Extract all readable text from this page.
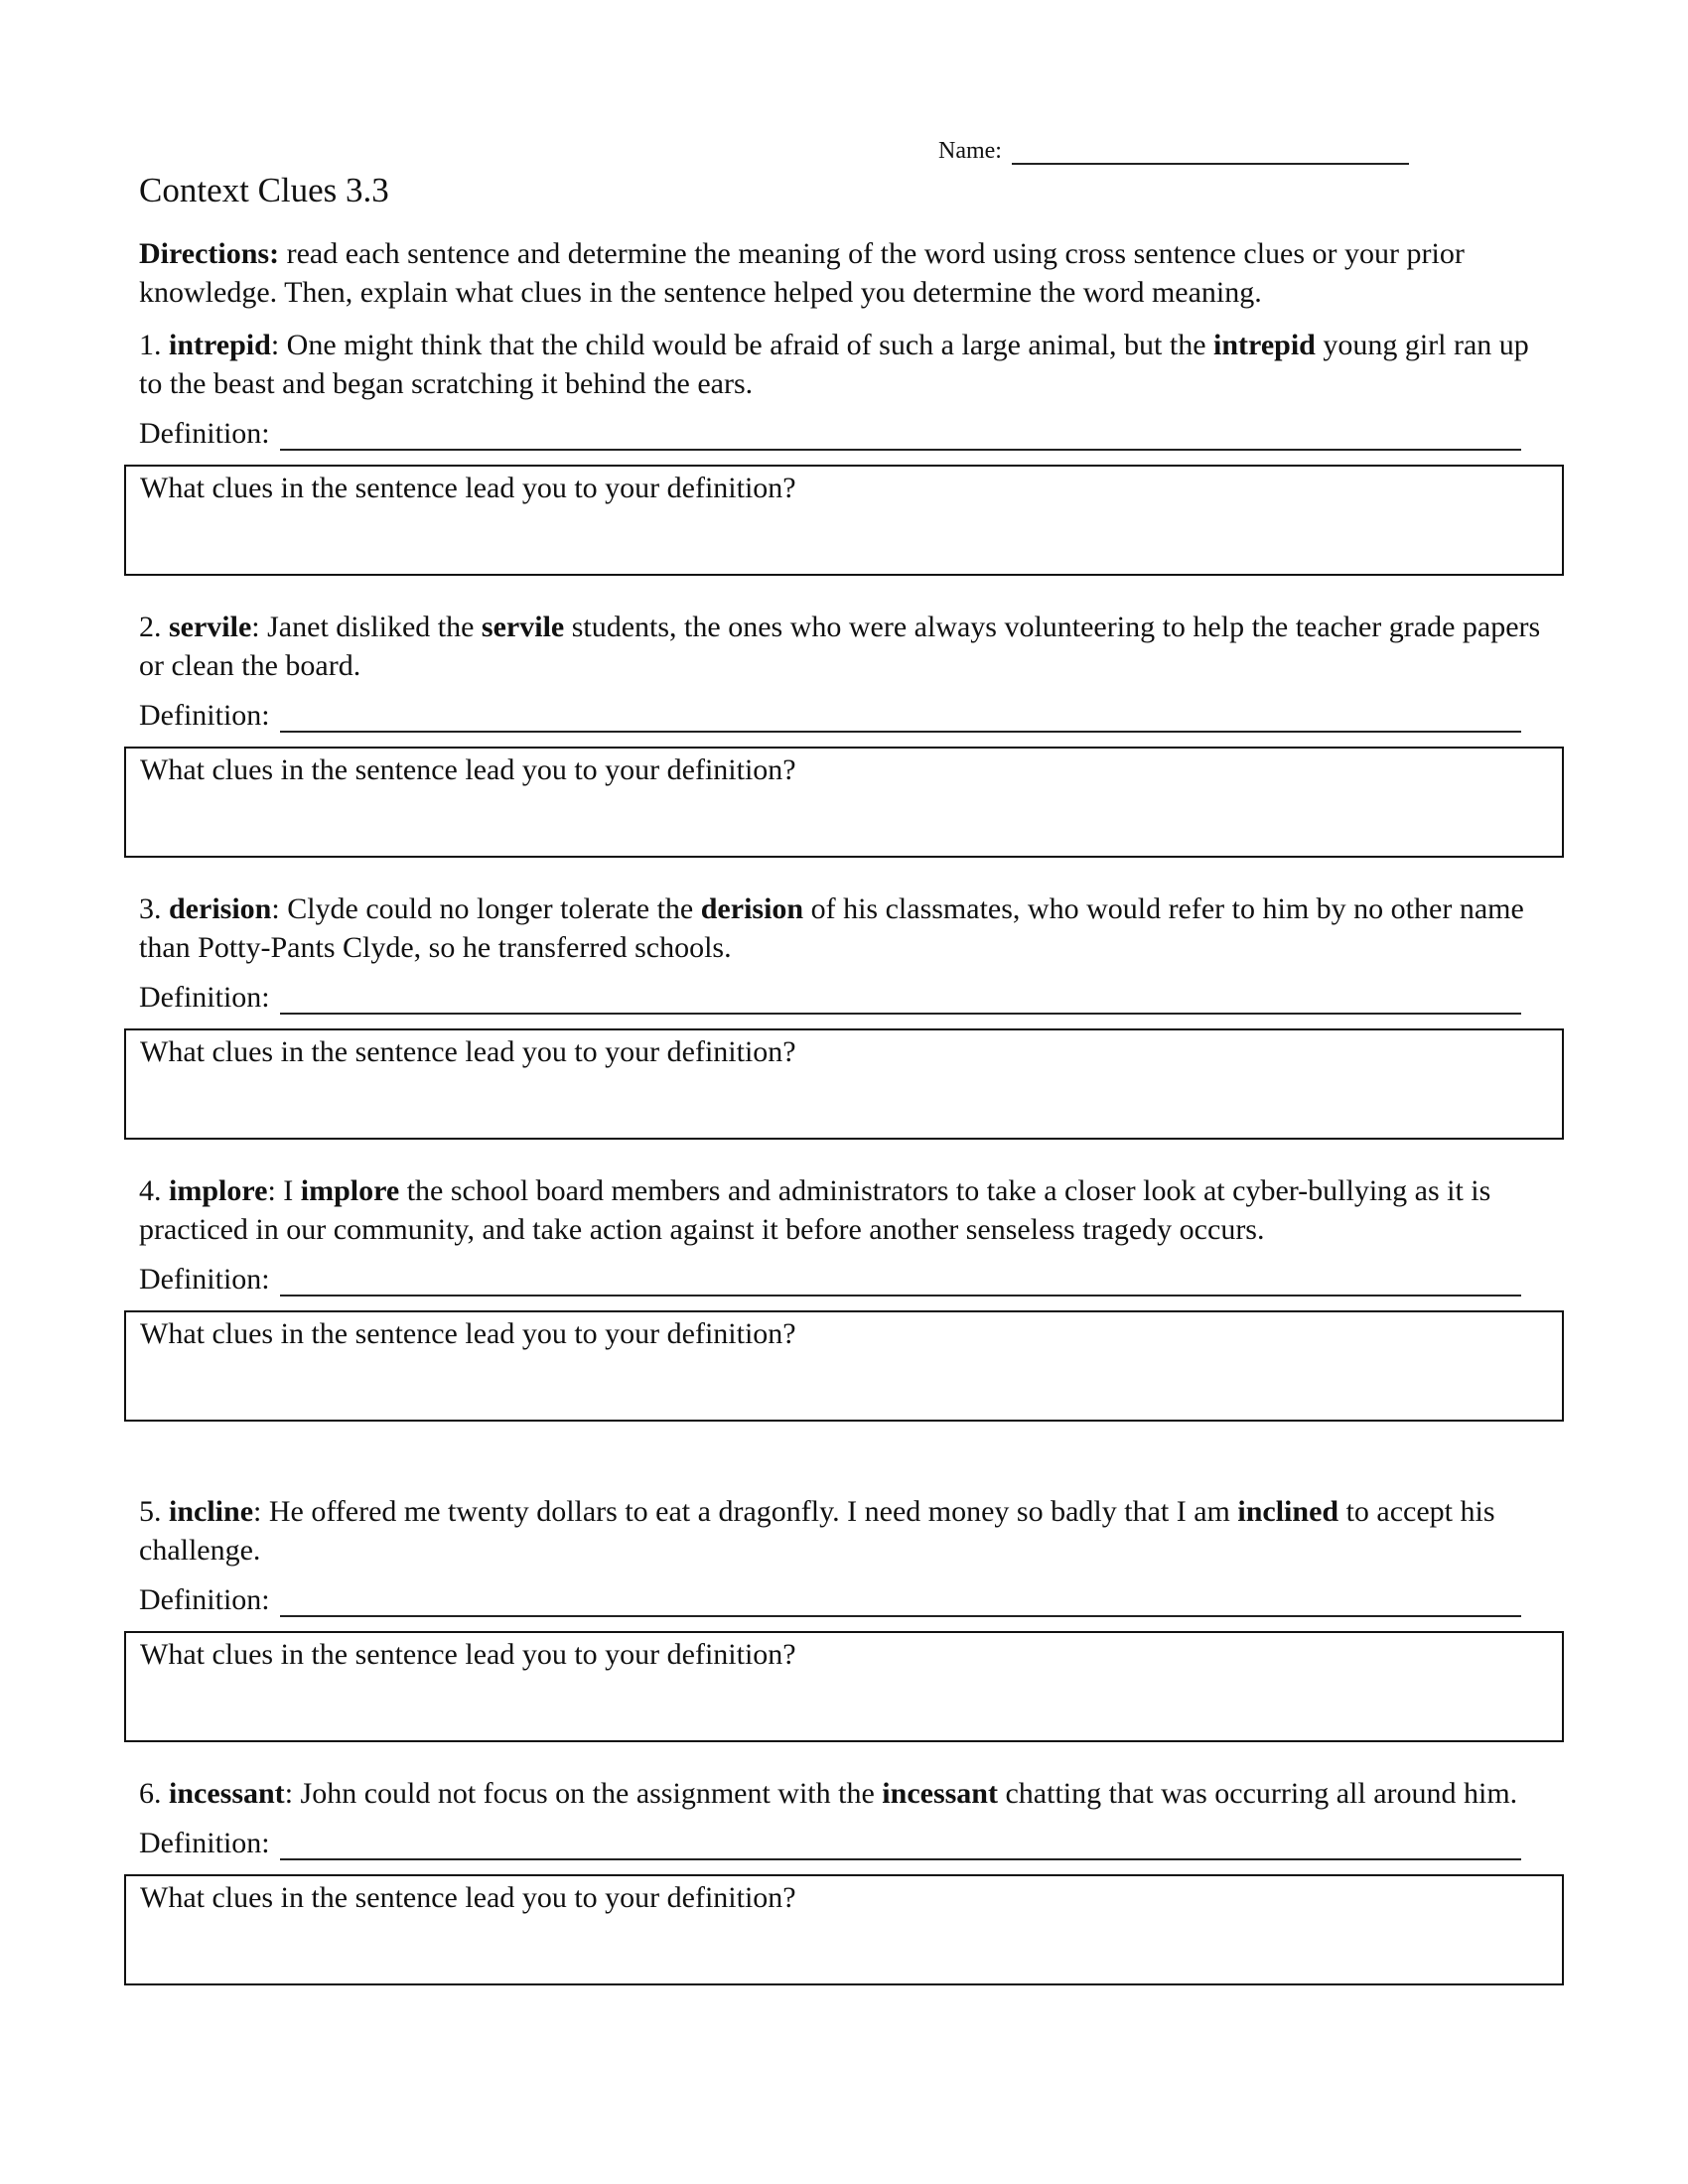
Name:
Context Clues 3.3

Directions: read each sentence and determine the meaning of the word using cross sentence clues or your prior knowledge. Then, explain what clues in the sentence helped you determine the word meaning.

1. intrepid: One might think that the child would be afraid of such a large animal, but the intrepid young girl ran up to the beast and began scratching it behind the ears.

Definition:
What clues in the sentence lead you to your definition?

2. servile: Janet disliked the servile students, the ones who were always volunteering to help the teacher grade papers or clean the board.

Definition:
What clues in the sentence lead you to your definition?

3. derision: Clyde could no longer tolerate the derision of his classmates, who would refer to him by no other name than Potty-Pants Clyde, so he transferred schools.

Definition:
What clues in the sentence lead you to your definition?

4. implore: I implore the school board members and administrators to take a closer look at cyber-bullying as it is practiced in our community, and take action against it before another senseless tragedy occurs.

Definition:
What clues in the sentence lead you to your definition?

5. incline: He offered me twenty dollars to eat a dragonfly. I need money so badly that I am inclined to accept his challenge.

Definition:
What clues in the sentence lead you to your definition?

6. incessant: John could not focus on the assignment with the incessant chatting that was occurring all around him.

Definition:
What clues in the sentence lead you to your definition?
